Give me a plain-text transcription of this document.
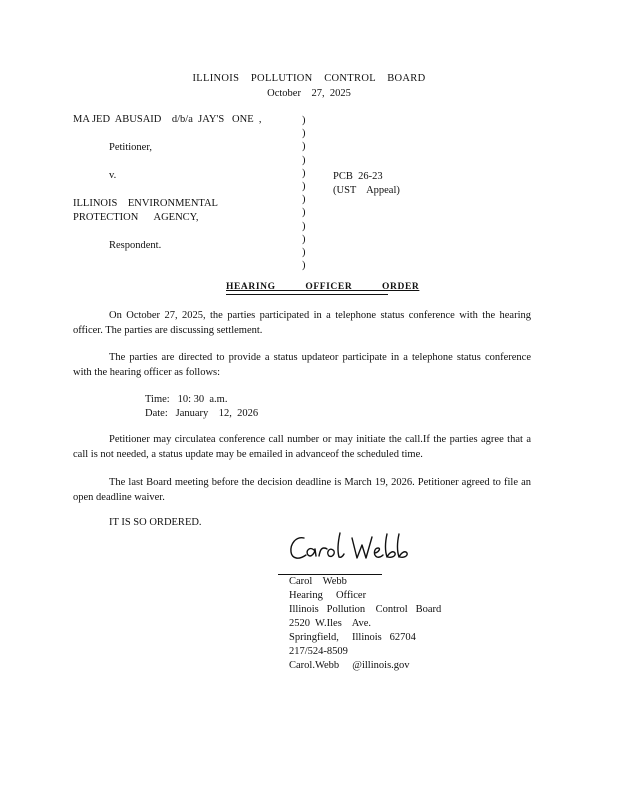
ILLINOIS    POLLUTION    CONTROL    BOARD
October    27,  2025
MA JED  ABUSAID    d/b/a  JAY'S   ONE  ,
Petitioner,
v.
ILLINOIS    ENVIRONMENTAL
PROTECTION      AGENCY,
Respondent.
)
)
)
)
)
)
)
)
)
)
)
)
PCB  26-23
(UST    Appeal)
HEARING          OFFICER          ORDER
On October 27, 2025, the parties participated in a telephone status conference with the hearing officer. The parties are discussing settlement.
The parties are directed to provide a status updateor participate in a telephone status conference with the hearing officer as follows:
Time:   10: 30  a.m.
Date:   January    12,  2026
Petitioner may circulatea conference call number or may initiate the call.If the parties agree that a call is not needed, a status update may be emailed in advanceof the scheduled time.
The last Board meeting before the decision deadline is March 19, 2026. Petitioner agreed to file an open deadline waiver.
IT IS SO ORDERED.
Carol    Webb
Hearing     Officer
Illinois   Pollution    Control   Board
2520  W.Iles    Ave.
Springfield,     Illinois   62704
217/524-8509
Carol.Webb     @illinois.gov
